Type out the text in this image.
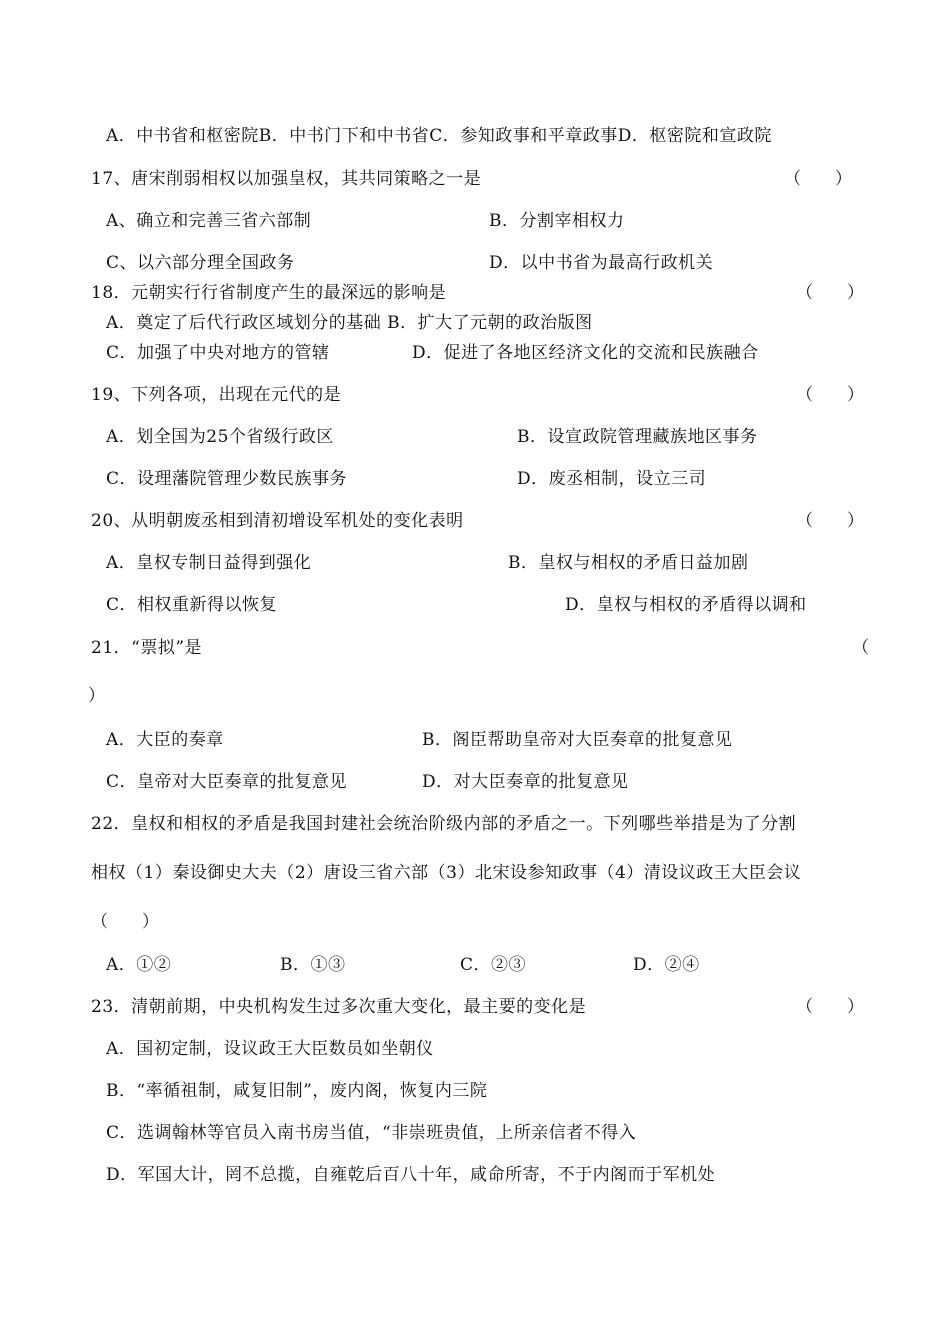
A．中书省和枢密院B．中书门下和中书省C．参知政事和平章政事D．枢密院和宣政院
17、唐宋削弱相权以加强皇权，其共同策略之一是	（　　）
A、确立和完善三省六部制	B．分割宰相权力
C、以六部分理全国政务	D．以中书省为最高行政机关
18．元朝实行行省制度产生的最深远的影响是	（　　）
A．奠定了后代行政区域划分的基础 B．扩大了元朝的政治版图
C．加强了中央对地方的管辖	D．促进了各地区经济文化的交流和民族融合
19、下列各项，出现在元代的是	（　　）
A．划全国为25个省级行政区	B．设宣政院管理藏族地区事务
C．设理藩院管理少数民族事务	D．废丞相制，设立三司
20、从明朝废丞相到清初增设军机处的变化表明	（　　）
A．皇权专制日益得到强化	B．皇权与相权的矛盾日益加剧
C．相权重新得以恢复	D．皇权与相权的矛盾得以调和
21．“票拟”是	（
）
A．大臣的奏章	B．阁臣帮助皇帝对大臣奏章的批复意见
C．皇帝对大臣奏章的批复意见	D．对大臣奏章的批复意见
22．皇权和相权的矛盾是我国封建社会统治阶级内部的矛盾之一。下列哪些举措是为了分割
相权（1）秦设御史大夫（2）唐设三省六部（3）北宋设参知政事（4）清设议政王大臣会议
（　　）
A．①②	B．①③	C．②③	D．②④
23．清朝前期，中央机构发生过多次重大变化，最主要的变化是	（　　）
A．国初定制，设议政王大臣数员如坐朝仪
B．“率循祖制，咸复旧制”，废内阁，恢复内三院
C．选调翰林等官员入南书房当值，“非崇班贵值，上所亲信者不得入
D．军国大计，罔不总揽，自雍乾后百八十年，咸命所寄，不于内阁而于军机处
